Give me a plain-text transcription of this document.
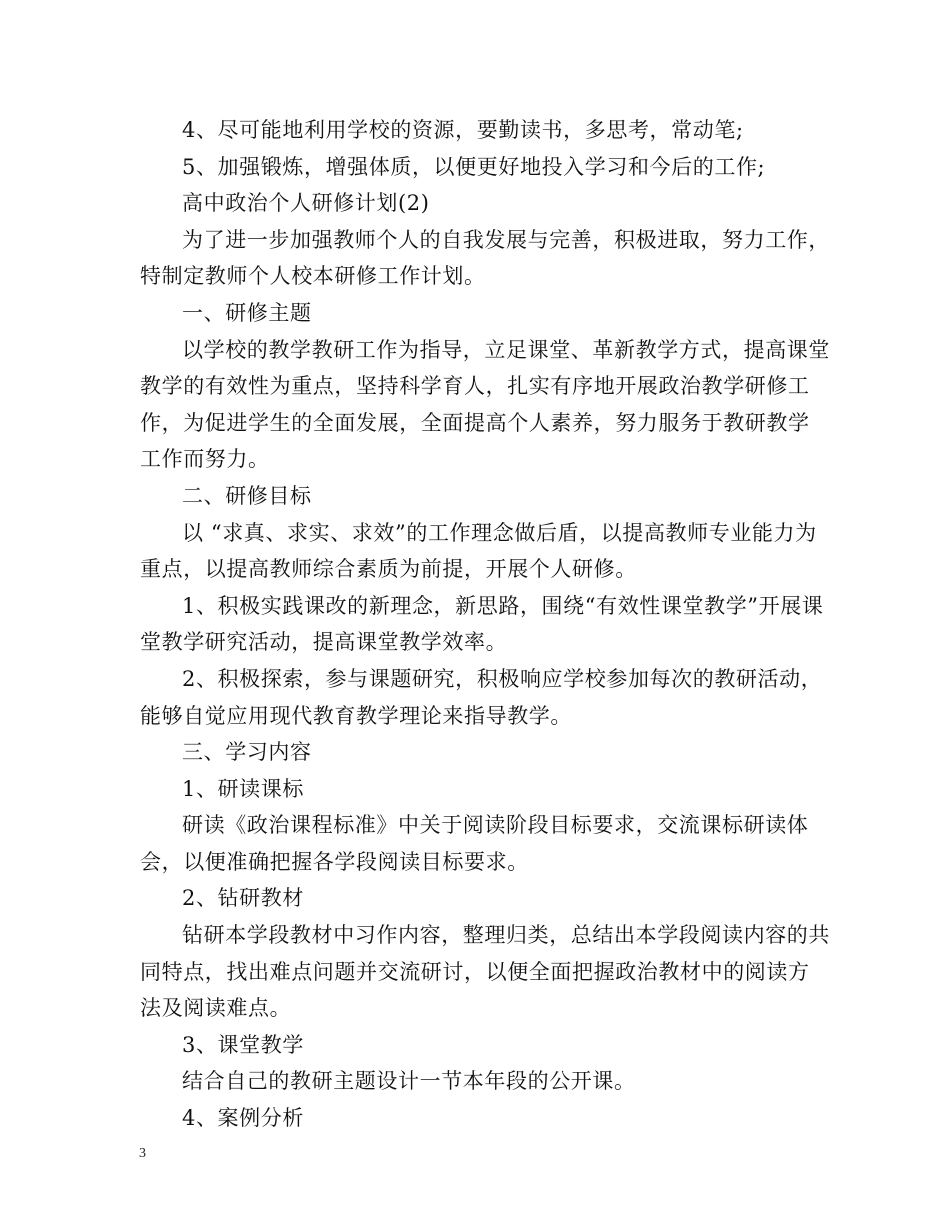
4、尽可能地利用学校的资源，要勤读书，多思考，常动笔;

5、加强锻炼，增强体质，以便更好地投入学习和今后的工作;

高中政治个人研修计划(2)

为了进一步加强教师个人的自我发展与完善，积极进取，努力工作，特制定教师个人校本研修工作计划。

一、研修主题

以学校的教学教研工作为指导，立足课堂、革新教学方式，提高课堂教学的有效性为重点，坚持科学育人，扎实有序地开展政治教学研修工作，为促进学生的全面发展，全面提高个人素养，努力服务于教研教学工作而努力。

二、研修目标

以 “求真、求实、求效”的工作理念做后盾，以提高教师专业能力为重点，以提高教师综合素质为前提，开展个人研修。

1、积极实践课改的新理念，新思路，围绕“有效性课堂教学”开展课堂教学研究活动，提高课堂教学效率。

2、积极探索，参与课题研究，积极响应学校参加每次的教研活动，能够自觉应用现代教育教学理论来指导教学。

三、学习内容

1、研读课标

研读《政治课程标准》中关于阅读阶段目标要求，交流课标研读体会，以便准确把握各学段阅读目标要求。

2、钻研教材

钻研本学段教材中习作内容，整理归类，总结出本学段阅读内容的共同特点，找出难点问题并交流研讨，以便全面把握政治教材中的阅读方法及阅读难点。

3、课堂教学

结合自己的教研主题设计一节本年段的公开课。

4、案例分析

3
